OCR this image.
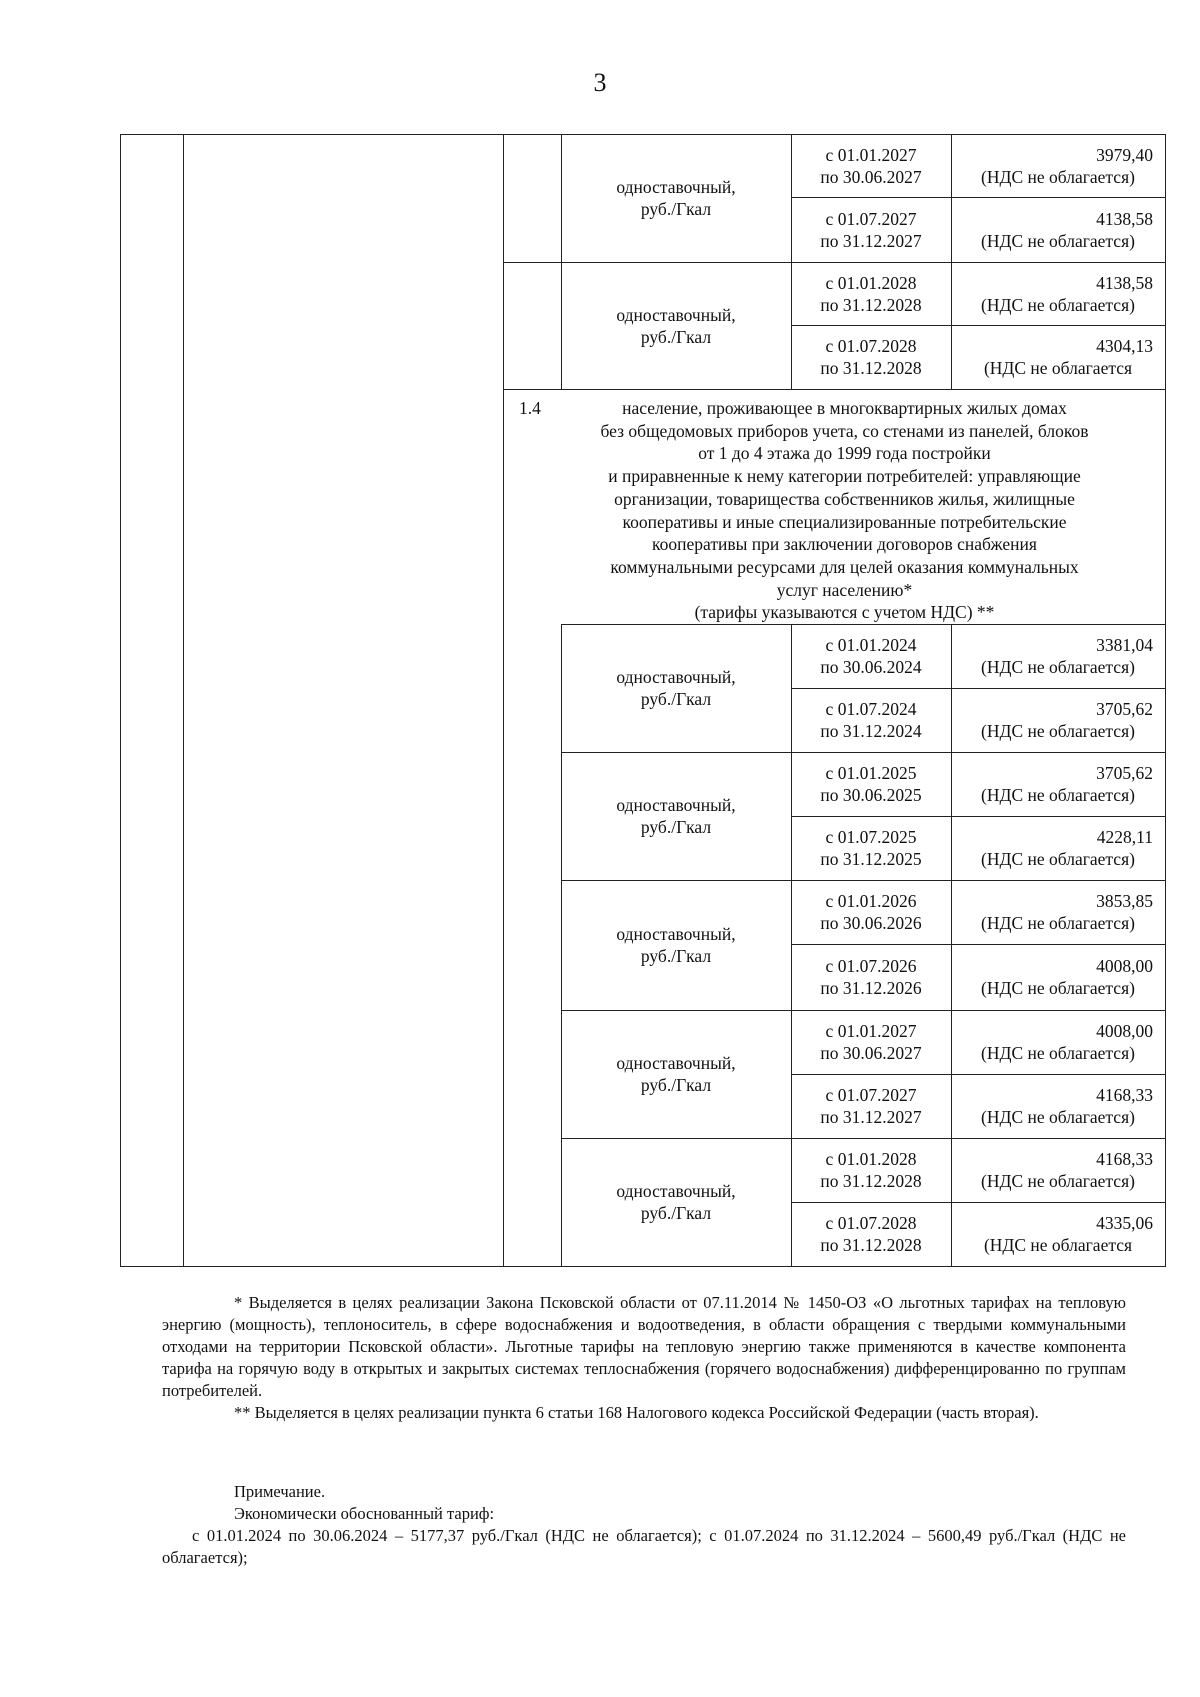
3
одноставочный,
руб./Гкал
с 01.01.2027
по 30.06.2027
3979,40
(НДС не облагается)
с 01.07.2027
по 31.12.2027
4138,58
(НДС не облагается)
одноставочный,
руб./Гкал
с 01.01.2028
по 31.12.2028
4138,58
(НДС не облагается)
с 01.07.2028
по 31.12.2028
4304,13
(НДС не облагается
1.4	население, проживающее в многоквартирных жилых домах
без общедомовых приборов учета, со стенами из панелей, блоков
от 1 до 4 этажа до 1999 года постройки
и приравненные к нему категории потребителей: управляющие
организации, товарищества собственников жилья, жилищные
кооперативы и иные специализированные потребительские
кооперативы при заключении договоров снабжения
коммунальными ресурсами для целей оказания коммунальных
услуг населению*
(тарифы указываются с учетом НДС) **
одноставочный,
руб./Гкал
с 01.01.2024
по 30.06.2024
3381,04
(НДС не облагается)
с 01.07.2024
по 31.12.2024
3705,62
(НДС не облагается)
одноставочный,
руб./Гкал
с 01.01.2025
по 30.06.2025
3705,62
(НДС не облагается)
с 01.07.2025
по 31.12.2025
4228,11
(НДС не облагается)
одноставочный,
руб./Гкал
с 01.01.2026
по 30.06.2026
3853,85
(НДС не облагается)
с 01.07.2026
по 31.12.2026
4008,00
(НДС не облагается)
одноставочный,
руб./Гкал
с 01.01.2027
по 30.06.2027
4008,00
(НДС не облагается)
с 01.07.2027
по 31.12.2027
4168,33
(НДС не облагается)
одноставочный,
руб./Гкал
с 01.01.2028
по 31.12.2028
4168,33
(НДС не облагается)
с 01.07.2028
по 31.12.2028
4335,06
(НДС не облагается

* Выделяется в целях реализации Закона Псковской области от 07.11.2014 № 1450-ОЗ «О льготных тарифах на тепловую энергию (мощность), теплоноситель, в сфере водоснабжения и водоотведения, в области обращения с твердыми коммунальными отходами на территории Псковской области». Льготные тарифы на тепловую энергию также применяются в качестве компонента тарифа на горячую воду в открытых и закрытых системах теплоснабжения (горячего водоснабжения) дифференцированно по группам потребителей.

** Выделяется в целях реализации пункта 6 статьи 168 Налогового кодекса Российской Федерации (часть вторая).

Примечание.

Экономически обоснованный тариф:

с 01.01.2024 по 30.06.2024 – 5177,37 руб./Гкал (НДС не облагается); с 01.07.2024 по 31.12.2024 – 5600,49 руб./Гкал (НДС не облагается);
